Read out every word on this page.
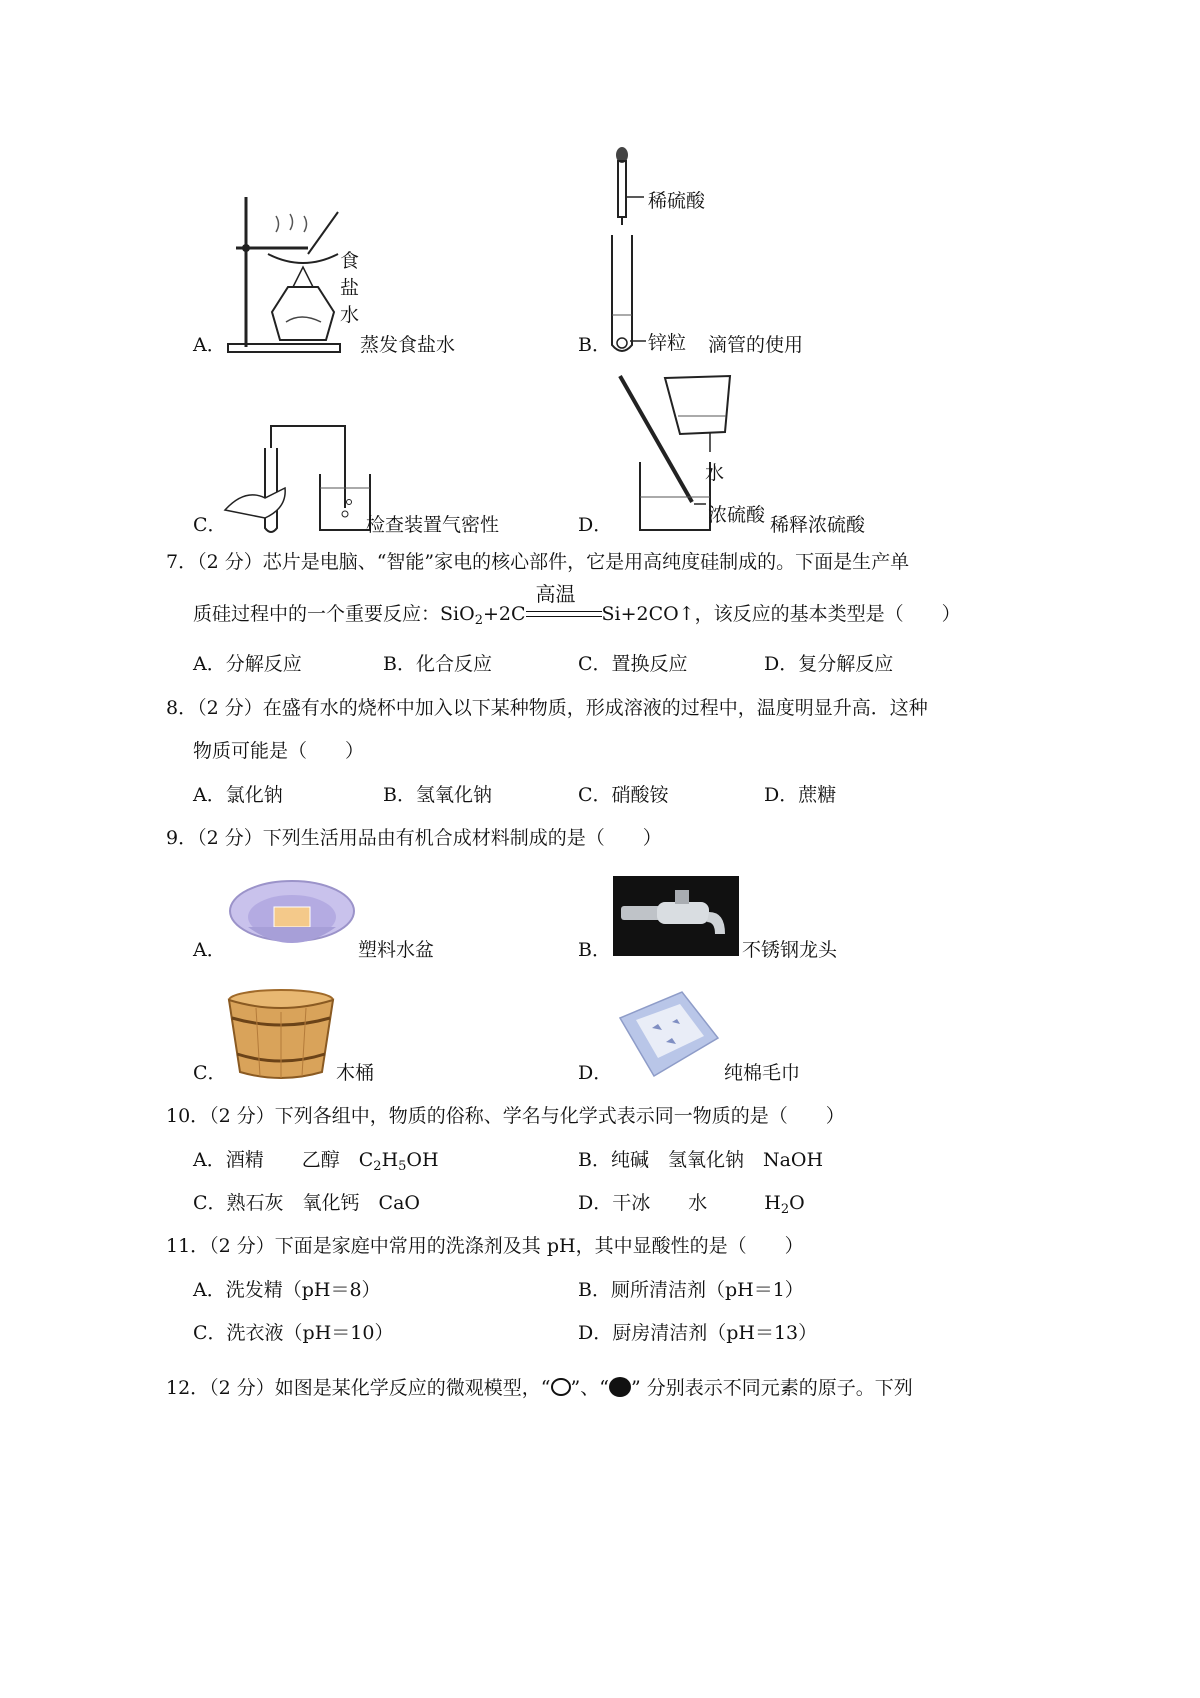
食
盐
水
A．	蒸发食盐水
稀硫酸
锌粒
B．	滴管的使用
C．	检查装置气密性
水
浓硫酸
D．	稀释浓硫酸
7．（2 分）芯片是电脑、“智能”家电的核心部件，它是用高纯度硅制成的。下面是生产单
质硅过程中的一个重要反应：SiO$_2$+2C
高温
Si+2CO↑，该反应的基本类型是（　　）
A．分解反应	B．化合反应	C．置换反应	D．复分解反应
8．（2 分）在盛有水的烧杯中加入以下某种物质，形成溶液的过程中，温度明显升高．这种
物质可能是（　　）
A．氯化钠	B．氢氧化钠	C．硝酸铵	D．蔗糖
9．（2 分）下列生活用品由有机合成材料制成的是（　　）
A．	塑料水盆	B．	不锈钢龙头
C．	木桶	D．	纯棉毛巾
10．（2 分）下列各组中，物质的俗称、学名与化学式表示同一物质的是（　　）
A．酒精　　乙醇　$C_2H_5OH$	B．纯碱　氢氧化钠　NaOH
C．熟石灰　氧化钙　CaO	D．干冰　　水　　　$H_2O$
11．（2 分）下面是家庭中常用的洗涤剂及其 pH，其中显酸性的是（　　）
A．洗发精（pH＝8）	B．厕所清洁剂（pH＝1）
C．洗衣液（pH＝10）	D．厨房清洁剂（pH＝13）
12．（2 分）如图是某化学反应的微观模型，“ ”、“ ” 分别表示不同元素的原子。下列
